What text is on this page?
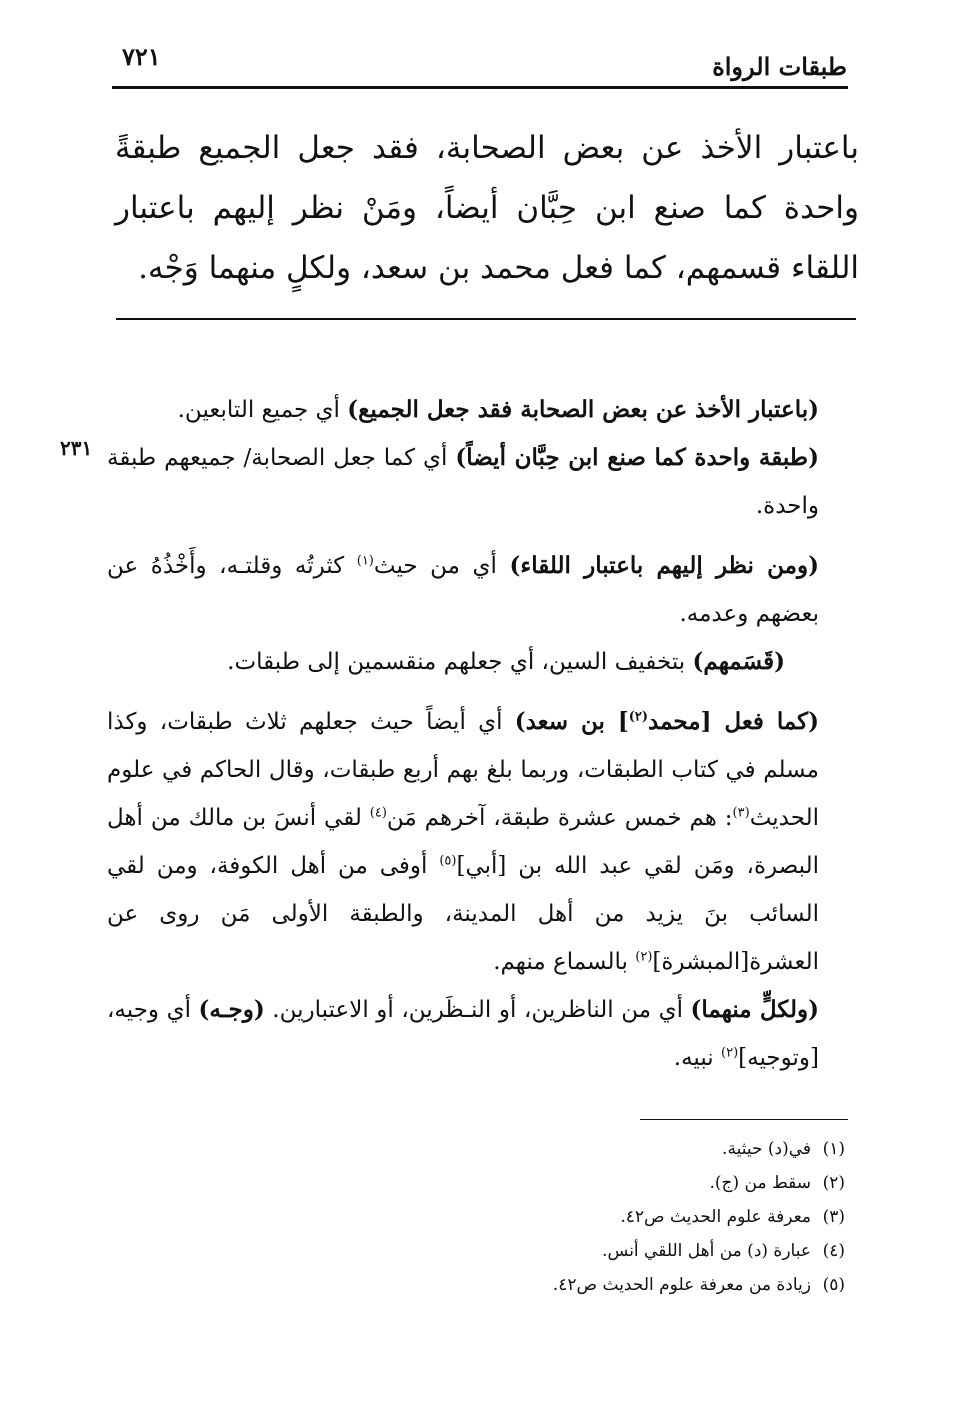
٧٢١	طبقات الرواة
باعتبار الأخذ عن بعض الصحابة، فقد جعل الجميع طبقةً واحدة كما صنع ابن حِبَّان أيضاً، ومَنْ نظر إليهم باعتبار اللقاء قسمهم، كما فعل محمد بن سعد، ولكلٍ منهما وَجْه.
٢٣١

(باعتبار الأخذ عن بعض الصحابة فقد جعل الجميع) أي جميع التابعين.

(طبقة واحدة كما صنع ابن حِبَّان أيضاً) أي كما جعل الصحابة/ جميعهم طبقة واحدة.

(ومن نظر إليهم باعتبار اللقاء) أي من حيث$^{(١)}$ كثرتُه وقلتـه، وأَخْذُهُ عن بعضهم وعدمه.

(قَسَمهم) بتخفيف السين، أي جعلهم منقسمين إلى طبقات.

(كما فعل [محمد$^{(٢)}$] بن سعد) أي أيضاً حيث جعلهم ثلاث طبقات، وكذا مسلم في كتاب الطبقات، وربما بلغ بهم أربع طبقات، وقال الحاكم في علوم الحديث$^{(٣)}$: هم خمس عشرة طبقة، آخرهم مَن$^{(٤)}$ لقي أنسَ بن مالك من أهل البصرة، ومَن لقي عبد الله بن [أبي]$^{(٥)}$ أوفى من أهل الكوفة، ومن لقي السائب بنَ يزيد من أهل المدينة، والطبقة الأولى مَن روى عن العشرة[المبشرة]$^{(٢)}$ بالسماع منهم.

(ولكلٍّ منهما) أي من الناظرين، أو النـظَرين، أو الاعتبارين. (وجـه) أي وجيه، [وتوجيه]$^{(٢)}$ نبيه.

(١)في(د) حيثية.

(٢)سقط من (ج).

(٣)معرفة علوم الحديث ص٤٢.

(٤)عبارة (د) من أهل اللقي أنس.

(٥)زيادة من معرفة علوم الحديث ص٤٢.
